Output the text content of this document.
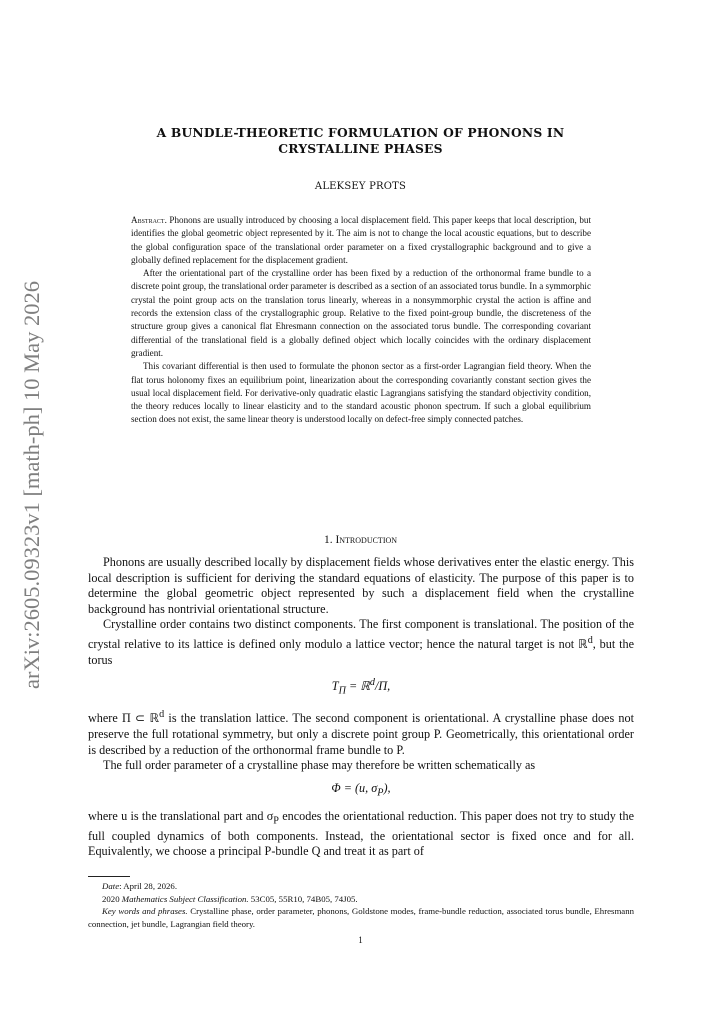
arXiv:2605.09323v1 [math-ph] 10 May 2026
A BUNDLE-THEORETIC FORMULATION OF PHONONS IN
CRYSTALLINE PHASES
ALEKSEY PROTS

Abstract. Phonons are usually introduced by choosing a local displacement field. This paper keeps that local description, but identifies the global geometric object represented by it. The aim is not to change the local acoustic equations, but to describe the global configuration space of the translational order parameter on a fixed crystallographic background and to give a globally defined replacement for the displacement gradient.

After the orientational part of the crystalline order has been fixed by a reduction of the orthonormal frame bundle to a discrete point group, the translational order parameter is described as a section of an associated torus bundle. In a symmorphic crystal the point group acts on the translation torus linearly, whereas in a nonsymmorphic crystal the action is affine and records the extension class of the crystallographic group. Relative to the fixed point-group bundle, the discreteness of the structure group gives a canonical flat Ehresmann connection on the associated torus bundle. The corresponding covariant differential of the translational field is a globally defined object which locally coincides with the ordinary displacement gradient.

This covariant differential is then used to formulate the phonon sector as a first-order Lagrangian field theory. When the flat torus holonomy fixes an equilibrium point, linearization about the corresponding covariantly constant section gives the usual local displacement field. For derivative-only quadratic elastic Lagrangians satisfying the standard objectivity condition, the theory reduces locally to linear elasticity and to the standard acoustic phonon spectrum. If such a global equilibrium section does not exist, the same linear theory is understood locally on defect-free simply connected patches.

1. Introduction

Phonons are usually described locally by displacement fields whose derivatives enter the elastic energy. This local description is sufficient for deriving the standard equations of elasticity. The purpose of this paper is to determine the global geometric object represented by such a displacement field when the crystalline background has nontrivial orientational structure.

Crystalline order contains two distinct components. The first component is translational. The position of the crystal relative to its lattice is defined only modulo a lattice vector; hence the natural target is not ℝ$^d$, but the torus

$T_\Pi$ = ℝ$^d$/Π,

where Π ⊂ ℝ$^d$ is the translation lattice. The second component is orientational. A crystalline phase does not preserve the full rotational symmetry, but only a discrete point group P. Geometrically, this orientational order is described by a reduction of the orthonormal frame bundle to P.

The full order parameter of a crystalline phase may therefore be written schematically as

Φ = (u, $\sigma_P$),

where u is the translational part and $\sigma_P$ encodes the orientational reduction. This paper does not try to study the full coupled dynamics of both components. Instead, the orientational sector is fixed once and for all. Equivalently, we choose a principal P-bundle Q and treat it as part of

Date: April 28, 2026.

2020 Mathematics Subject Classification. 53C05, 55R10, 74B05, 74J05.

Key words and phrases. Crystalline phase, order parameter, phonons, Goldstone modes, frame-bundle reduction, associated torus bundle, Ehresmann connection, jet bundle, Lagrangian field theory.

1
